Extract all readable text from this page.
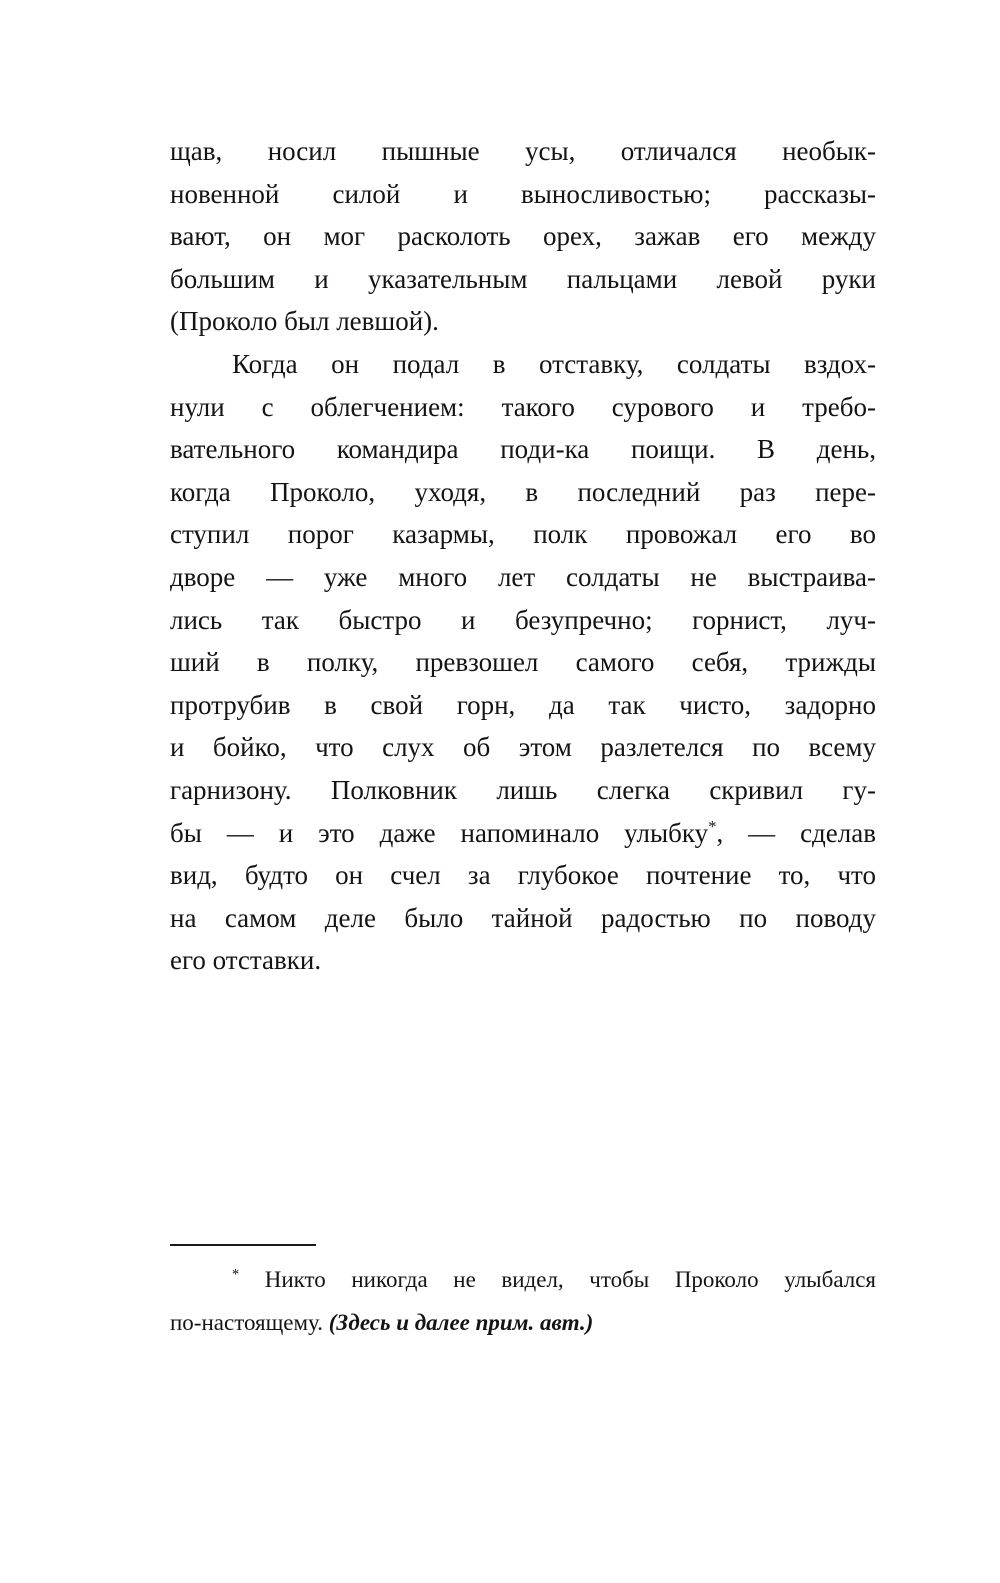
щав, носил пышные усы, отличался необык-
новенной силой и выносливостью; рассказы-
вают, он мог расколоть орех, зажав его между
большим и указательным пальцами левой руки
(Проколо был левшой).
Когда он подал в отставку, солдаты вздох-
нули с облегчением: такого сурового и требо-
вательного командира поди-ка поищи. В день,
когда Проколо, уходя, в последний раз пере-
ступил порог казармы, полк провожал его во
дворе — уже много лет солдаты не выстраива-
лись так быстро и безупречно; горнист, луч-
ший в полку, превзошел самого себя, трижды
протрубив в свой горн, да так чисто, задорно
и бойко, что слух об этом разлетелся по всему
гарнизону. Полковник лишь слегка скривил гу-
бы — и это даже напоминало улыбку*, — сделав
вид, будто он счел за глубокое почтение то, что
на самом деле было тайной радостью по поводу
его отставки.
* Никто никогда не видел, чтобы Проколо улыбался
по-настоящему. (Здесь и далее прим. авт.)
